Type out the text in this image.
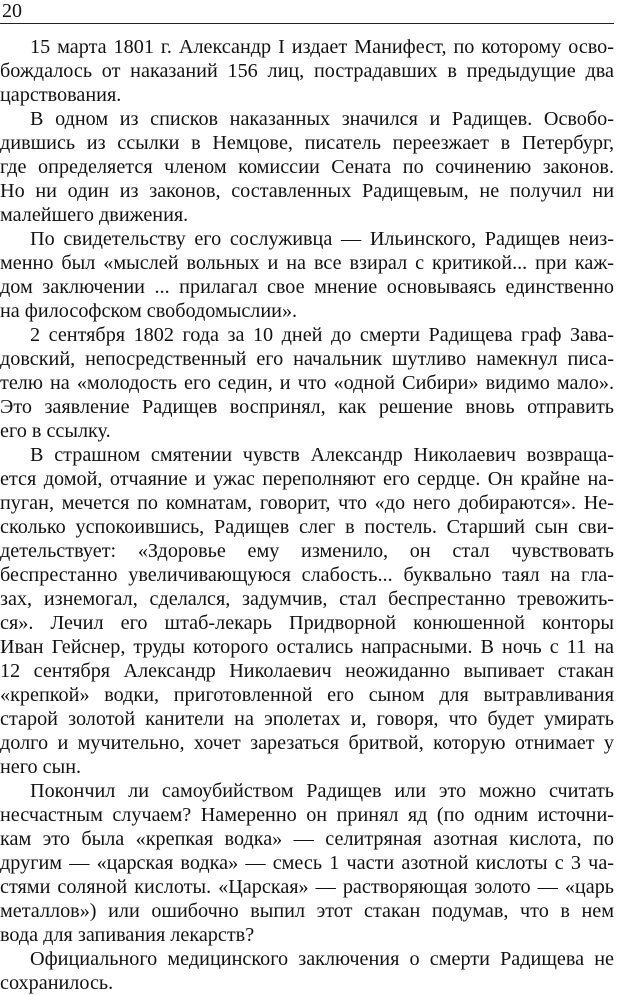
20
15 марта 1801 г. Александр I издает Манифест, по которому осво-
бождалось от наказаний 156 лиц, пострадавших в предыдущие два
царствования.
В одном из списков наказанных значился и Радищев. Освобо-
дившись из ссылки в Немцове, писатель переезжает в Петербург,
где определяется членом комиссии Сената по сочинению законов.
Но ни один из законов, составленных Радищевым, не получил ни
малейшего движения.
По свидетельству его сослуживца — Ильинского, Радищев неиз-
менно был «мыслей вольных и на все взирал с критикой... при каж-
дом заключении ... прилагал свое мнение основываясь единственно
на философском свободомыслии».
2 сентября 1802 года за 10 дней до смерти Радищева граф Зава-
довский, непосредственный его начальник шутливо намекнул писа-
телю на «молодость его седин, и что «одной Сибири» видимо мало».
Это заявление Радищев воспринял, как решение вновь отправить
его в ссылку.
В страшном смятении чувств Александр Николаевич возвраща-
ется домой, отчаяние и ужас переполняют его сердце. Он крайне на-
пуган, мечется по комнатам, говорит, что «до него добираются». Не-
сколько успокоившись, Радищев слег в постель. Старший сын сви-
детельствует: «Здоровье ему изменило, он стал чувствовать
беспрестанно увеличивающуюся слабость... буквально таял на гла-
зах, изнемогал, сделался, задумчив, стал беспрестанно тревожить-
ся». Лечил его штаб-лекарь Придворной конюшенной конторы
Иван Гейснер, труды которого остались напрасными. В ночь с 11 на
12 сентября Александр Николаевич неожиданно выпивает стакан
«крепкой» водки, приготовленной его сыном для вытравливания
старой золотой канители на эполетах и, говоря, что будет умирать
долго и мучительно, хочет зарезаться бритвой, которую отнимает у
него сын.
Покончил ли самоубийством Радищев или это можно считать
несчастным случаем? Намеренно он принял яд (по одним источни-
кам это была «крепкая водка» — селитряная азотная кислота, по
другим — «царская водка» — смесь 1 части азотной кислоты с 3 ча-
стями соляной кислоты. «Царская» — растворяющая золото — «царь
металлов») или ошибочно выпил этот стакан подумав, что в нем
вода для запивания лекарств?
Официального медицинского заключения о смерти Радищева не
сохранилось.
